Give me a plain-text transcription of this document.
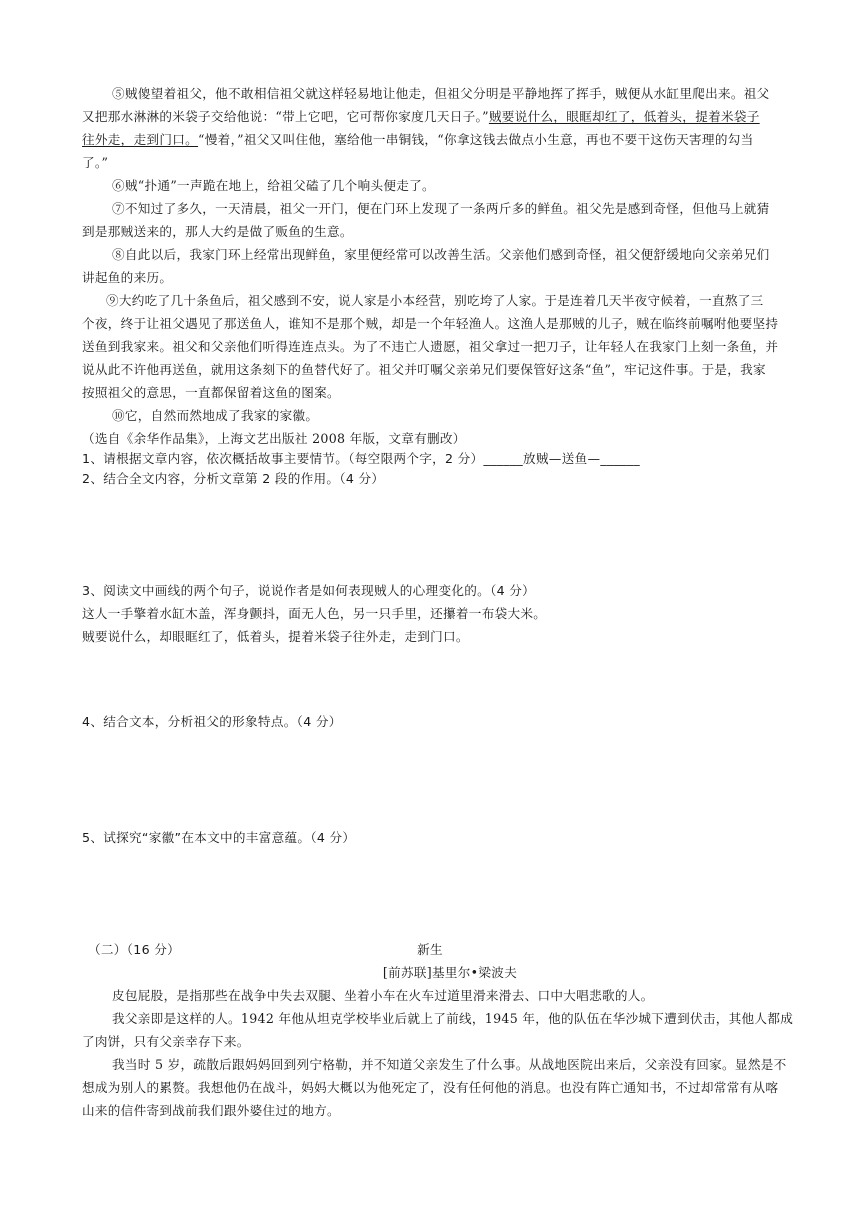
⑤贼傻望着祖父，他不敢相信祖父就这样轻易地让他走，但祖父分明是平静地挥了挥手，贼便从水缸里爬出来。祖父
又把那水淋淋的米袋子交给他说：“带上它吧，它可帮你家度几天日子。”贼要说什么，眼眶却红了，低着头，提着米袋子
往外走，走到门口。“慢着，”祖父又叫住他，塞给他一串铜钱，“你拿这钱去做点小生意，再也不要干这伤天害理的勾当
了。”
⑥贼“扑通”一声跪在地上，给祖父磕了几个响头便走了。
⑦不知过了多久，一天清晨，祖父一开门，便在门环上发现了一条两斤多的鲜鱼。祖父先是感到奇怪，但他马上就猜
到是那贼送来的，那人大约是做了贩鱼的生意。
⑧自此以后，我家门环上经常出现鲜鱼，家里便经常可以改善生活。父亲他们感到奇怪，祖父便舒缓地向父亲弟兄们
讲起鱼的来历。
⑨大约吃了几十条鱼后，祖父感到不安，说人家是小本经营，别吃垮了人家。于是连着几天半夜守候着，一直熬了三
个夜，终于让祖父遇见了那送鱼人，谁知不是那个贼，却是一个年轻渔人。这渔人是那贼的儿子，贼在临终前嘱咐他要坚持
送鱼到我家来。祖父和父亲他们听得连连点头。为了不违亡人遗愿，祖父拿过一把刀子，让年轻人在我家门上刻一条鱼，并
说从此不许他再送鱼，就用这条刻下的鱼替代好了。祖父并叮嘱父亲弟兄们要保管好这条“鱼”，牢记这件事。于是，我家
按照祖父的意思，一直都保留着这鱼的图案。
⑩它，自然而然地成了我家的家徽。
（选自《余华作品集》，上海文艺出版社 2008 年版，文章有删改）
1、请根据文章内容，依次概括故事主要情节。（每空限两个字，2 分）______放贼—送鱼—______
2、结合全文内容，分析文章第 2 段的作用。（4 分）
3、阅读文中画线的两个句子，说说作者是如何表现贼人的心理变化的。（4 分）
这人一手擎着水缸木盖，浑身颤抖，面无人色，另一只手里，还攥着一布袋大米。
贼要说什么，却眼眶红了，低着头，提着米袋子往外走，走到门口。
4、结合文本，分析祖父的形象特点。（4 分）
5、试探究“家徽”在本文中的丰富意蕴。（4 分）
（二）（16 分）	新生
[前苏联]基里尔•梁波夫
皮包屁股，是指那些在战争中失去双腿、坐着小车在火车过道里滑来滑去、口中大唱悲歌的人。
我父亲即是这样的人。1942 年他从坦克学校毕业后就上了前线，1945 年，他的队伍在华沙城下遭到伏击，其他人都成
了肉饼，只有父亲幸存下来。
我当时 5 岁，疏散后跟妈妈回到列宁格勒，并不知道父亲发生了什么事。从战地医院出来后，父亲没有回家。显然是不
想成为别人的累赘。我想他仍在战斗，妈妈大概以为他死定了，没有任何他的消息。也没有阵亡通知书，不过却常常有从喀
山来的信件寄到战前我们跟外婆住过的地方。
